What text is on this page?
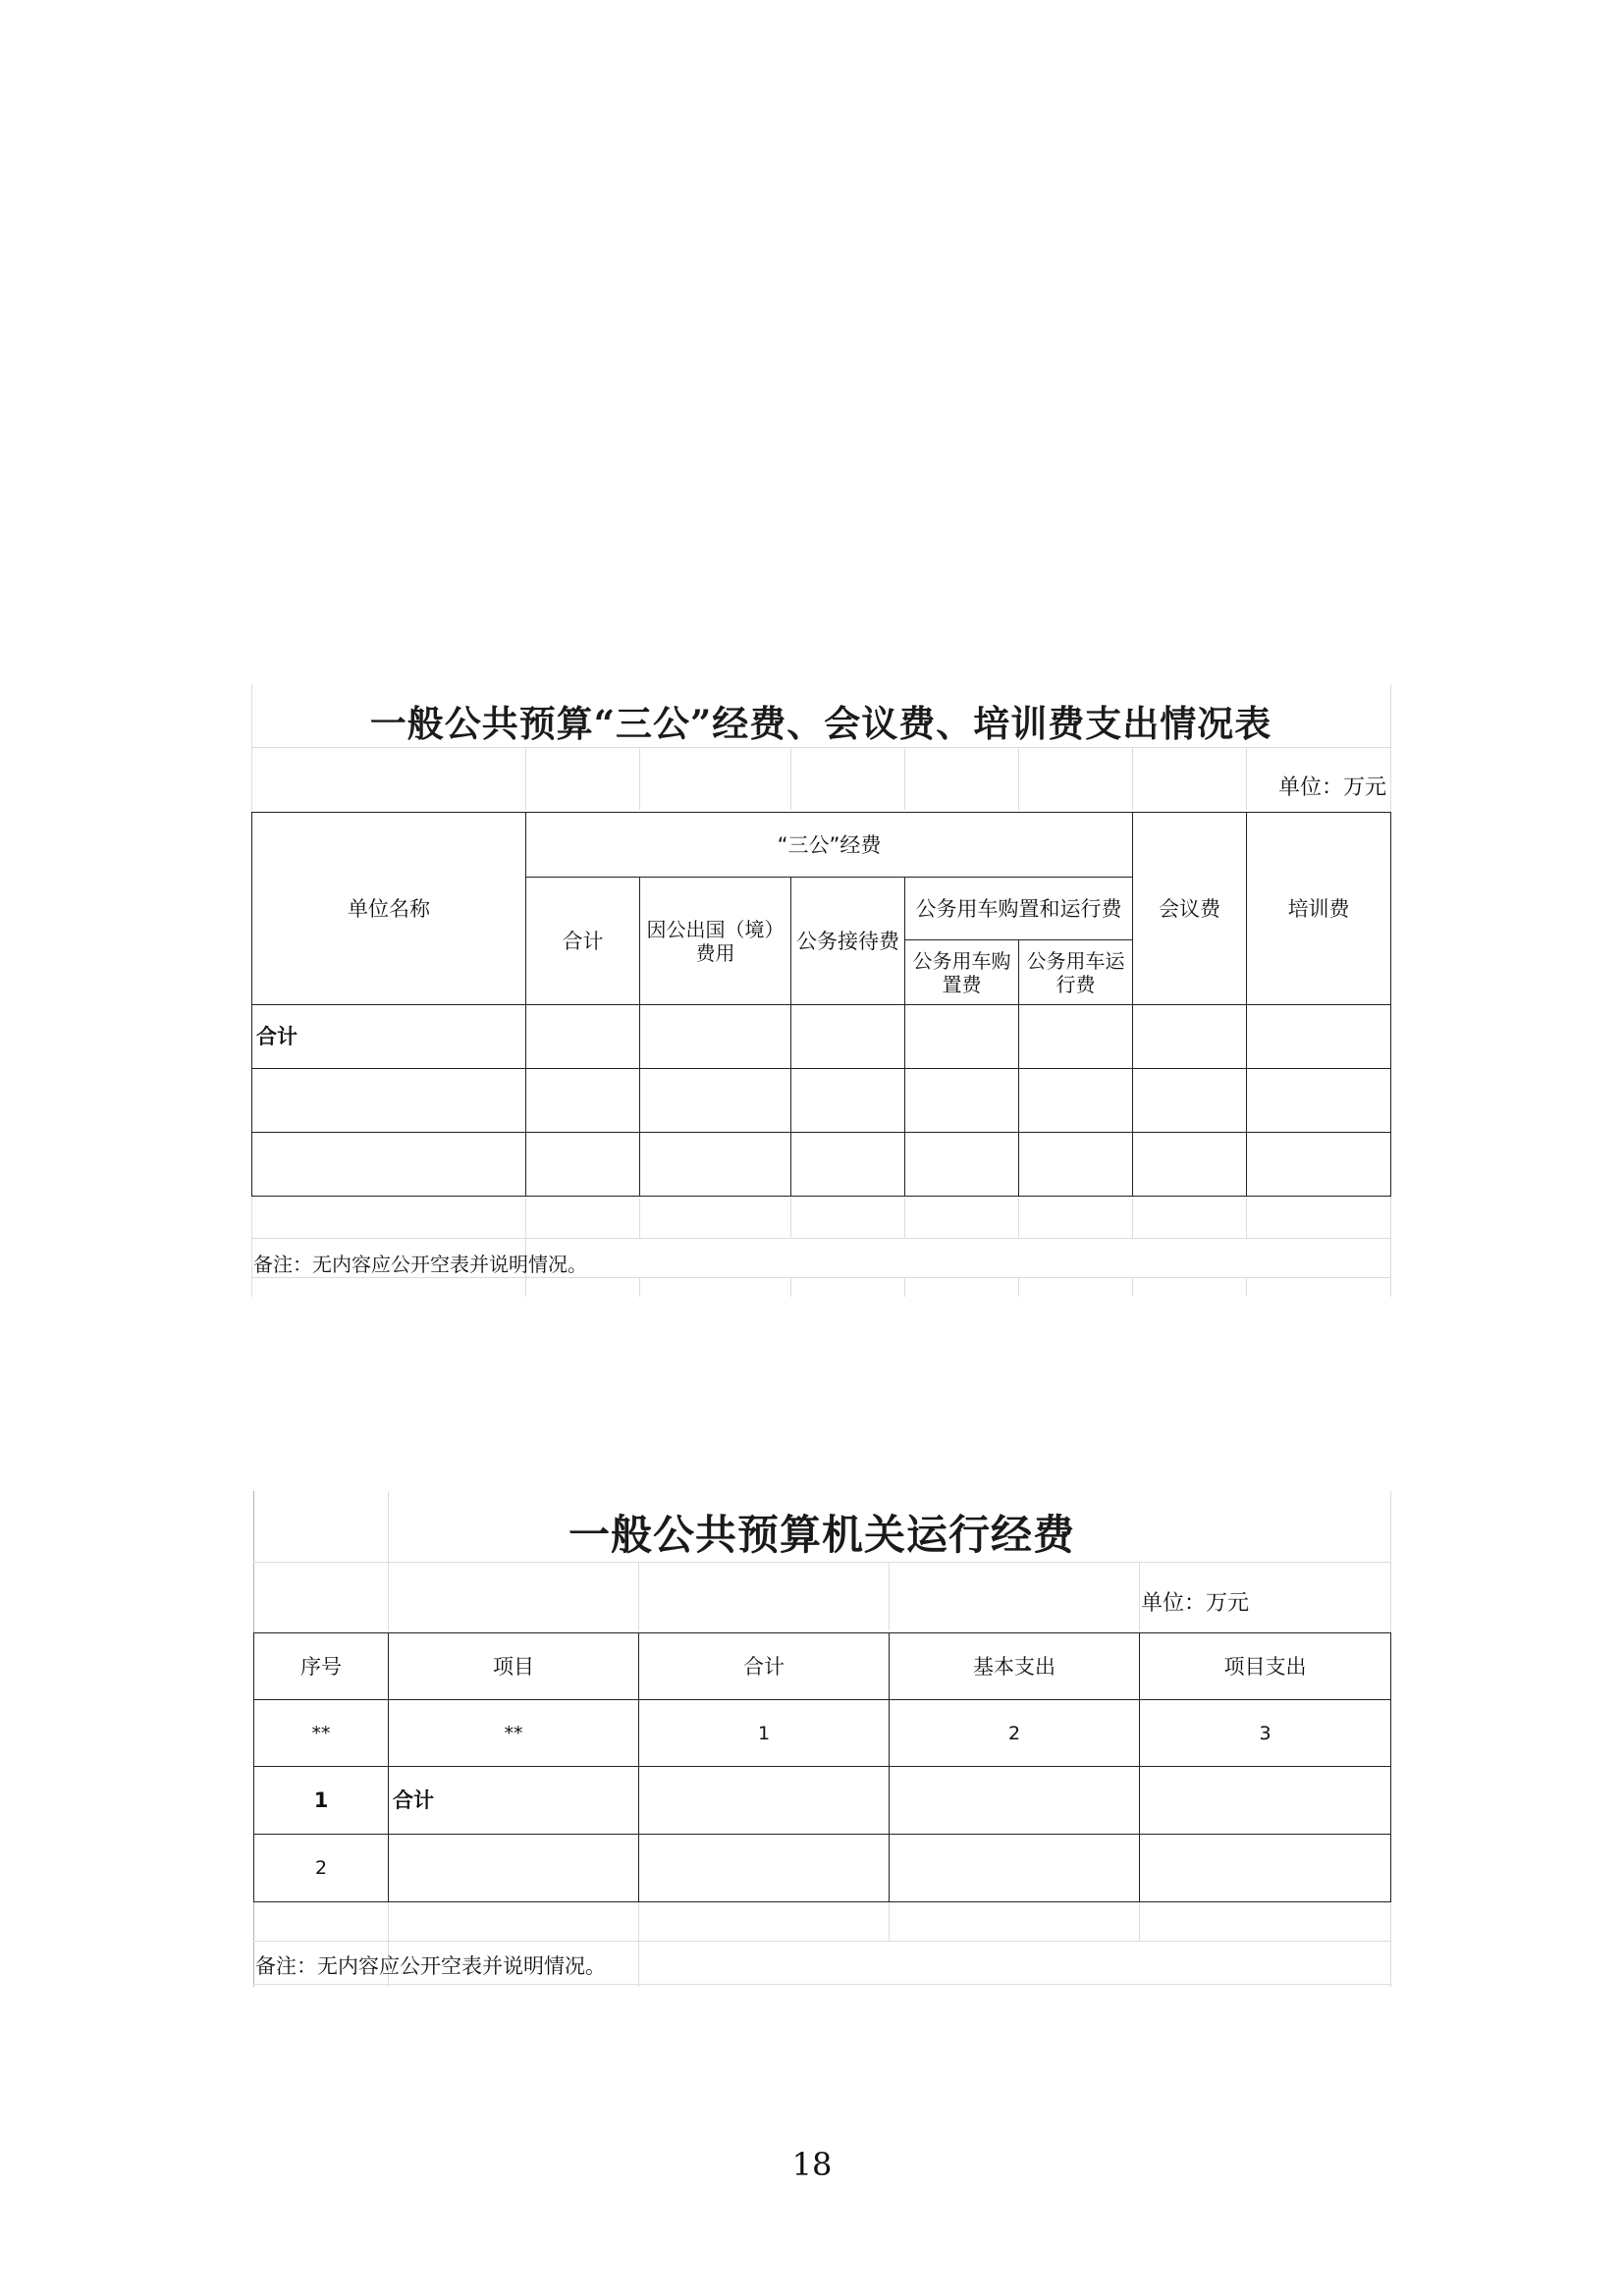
一般公共预算“三公”经费、会议费、培训费支出情况表
单位：万元
单位名称	“三公”经费					会议费	培训费
	合计	因公出国（境）费用	公务接待费	公务用车购置和运行费			
				公务用车购置费	公务用车运行费		
合计							

备注：无内容应公开空表并说明情况。
一般公共预算机关运行经费
单位：万元
序号	项目	合计	基本支出	项目支出
**	**	1	2	3
1	合计			
2				
备注：无内容应公开空表并说明情况。
18
